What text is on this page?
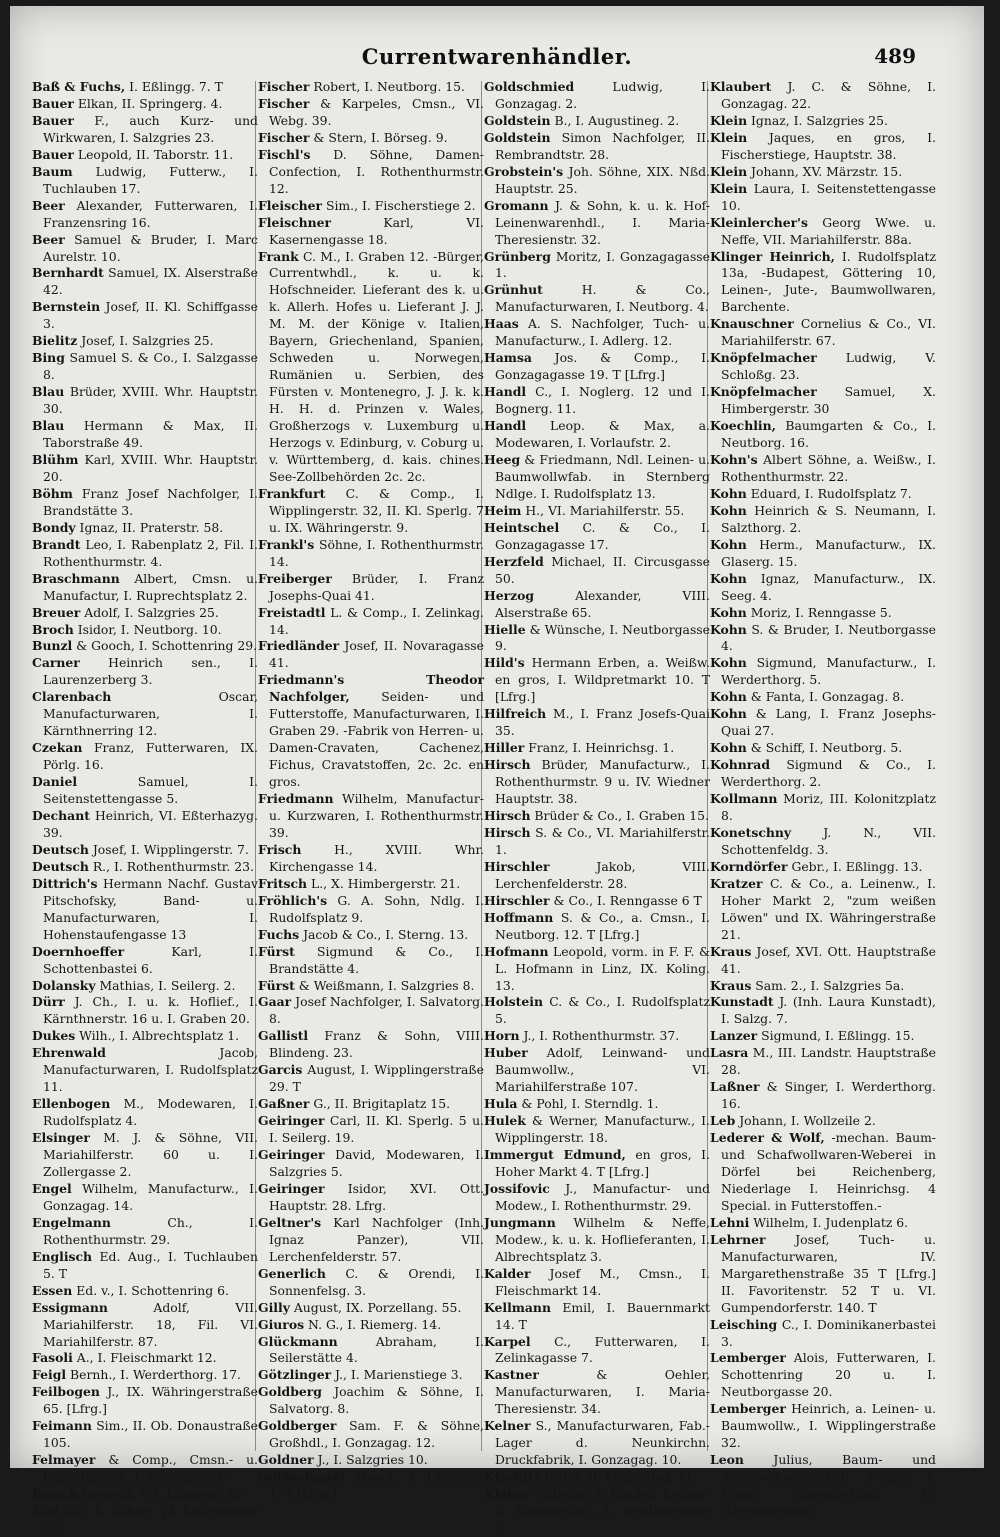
Currentwarenhändler.	489

Baß & Fuchs, I. Eßlingg. 7. T

Bauer Elkan, II. Springerg. 4.

Bauer F., auch Kurz- und Wirkwaren, I. Salzgries 23.

Bauer Leopold, II. Taborstr. 11.

Baum Ludwig, Futterw., I. Tuchlauben 17.

Beer Alexander, Futterwaren, I. Franzensring 16.

Beer Samuel & Bruder, I. Marc Aurelstr. 10.

Bernhardt Samuel, IX. Alserstraße 42.

Bernstein Josef, II. Kl. Schiffgasse 3.

Bielitz Josef, I. Salzgries 25.

Bing Samuel S. & Co., I. Salzgasse 8.

Blau Brüder, XVIII. Whr. Hauptstr. 30.

Blau Hermann & Max, II. Taborstraße 49.

Blühm Karl, XVIII. Whr. Hauptstr. 20.

Böhm Franz Josef Nachfolger, I. Brandstätte 3.

Bondy Ignaz, II. Praterstr. 58.

Brandt Leo, I. Rabenplatz 2, Fil. I. Rothenthurmstr. 4.

Braschmann Albert, Cmsn. u. Manufactur, I. Ruprechtsplatz 2.

Breuer Adolf, I. Salzgries 25.

Broch Isidor, I. Neutborg. 10.

Bunzl & Gooch, I. Schottenring 29.

Carner Heinrich sen., I. Laurenzerberg 3.

Clarenbach Oscar, Manufacturwaren, I. Kärnthnerring 12.

Czekan Franz, Futterwaren, IX. Pörlg. 16.

Daniel Samuel, I. Seitenstettengasse 5.

Dechant Heinrich, VI. Eßterhazyg. 39.

Deutsch Josef, I. Wipplingerstr. 7.

Deutsch R., I. Rothenthurmstr. 23.

Dittrich's Hermann Nachf. Gustav Pitschofsky, Band- u. Manufacturwaren, I. Hohenstaufengasse 13

Doernhoeffer Karl, I. Schottenbastei 6.

Dolansky Mathias, I. Seilerg. 2.

Dürr J. Ch., I. u. k. Hoflief., I. Kärnthnerstr. 16 u. I. Graben 20.

Dukes Wilh., I. Albrechtsplatz 1.

Ehrenwald Jacob, Manufacturwaren, I. Rudolfsplatz 11.

Ellenbogen M., Modewaren, I. Rudolfsplatz 4.

Elsinger M. J. & Söhne, VII. Mariahilferstr. 60 u. I. Zollergasse 2.

Engel Wilhelm, Manufacturw., I. Gonzagag. 14.

Engelmann Ch., I. Rothenthurmstr. 29.

Englisch Ed. Aug., I. Tuchlauben 5. T

Essen Ed. v., I. Schottenring 6.

Essigmann Adolf, VII. Mariahilferstr. 18, Fil. VI. Mariahilferstr. 87.

Fasoli A., I. Fleischmarkt 12.

Feigl Bernh., I. Werderthorg. 17.

Feilbogen J., IX. Währingerstraße 65. [Lfrg.]

Feimann Sim., II. Ob. Donaustraße 105.

Felmayer & Comp., Cmsn.- u. Importgesch., I. Börseplatz 6.

Fersch Leopold, VII. Lindeng. 29.

Fial Joh. & Söhne, VI. Liniengasse 25.

Fischer Robert, I. Neutborg. 15.

Fischer & Karpeles, Cmsn., VI. Webg. 39.

Fischer & Stern, I. Börseg. 9.

Fischl's D. Söhne, Damen-Confection, I. Rothenthurmstr. 12.

Fleischer Sim., I. Fischerstiege 2.

Fleischner Karl, VI. Kasernengasse 18.

Frank C. M., I. Graben 12. -Bürger, Currentwhdl., k. u. k. Hofschneider. Lieferant des k. u. k. Allerh. Hofes u. Lieferant J. J. M. M. der Könige v. Italien, Bayern, Griechenland, Spanien, Schweden u. Norwegen, Rumänien u. Serbien, des Fürsten v. Montenegro, J. J. k. k. H. H. d. Prinzen v. Wales, Großherzogs v. Luxemburg u. Herzogs v. Edinburg, v. Coburg u. v. Württemberg, d. kais. chines. See-Zollbehörden 2c. 2c.

Frankfurt C. & Comp., I. Wipplingerstr. 32, II. Kl. Sperlg. 7 u. IX. Währingerstr. 9.

Frankl's Söhne, I. Rothenthurmstr. 14.

Freiberger Brüder, I. Franz Josephs-Quai 41.

Freistadtl L. & Comp., I. Zelinkag. 14.

Friedländer Josef, II. Novaragasse 41.

Friedmann's Theodor Nachfolger, Seiden- und Futterstoffe, Manufacturwaren, I. Graben 29. -Fabrik von Herren- u. Damen-Cravaten, Cachenez, Fichus, Cravatstoffen, 2c. 2c. en gros.

Friedmann Wilhelm, Manufactur- u. Kurzwaren, I. Rothenthurmstr. 39.

Frisch H., XVIII. Whr. Kirchengasse 14.

Fritsch L., X. Himbergerstr. 21.

Fröhlich's G. A. Sohn, Ndlg. I. Rudolfsplatz 9.

Fuchs Jacob & Co., I. Sterng. 13.

Fürst Sigmund & Co., I. Brandstätte 4.

Fürst & Weißmann, I. Salzgries 8.

Gaar Josef Nachfolger, I. Salvatorg. 8.

Gallistl Franz & Sohn, VIII. Blindeng. 23.

Garcis August, I. Wipplingerstraße 29. T

Gaßner G., II. Brigitaplatz 15.

Geiringer Carl, II. Kl. Sperlg. 5 u. I. Seilerg. 19.

Geiringer David, Modewaren, I. Salzgries 5.

Geiringer Isidor, XVI. Ott. Hauptstr. 28. Lfrg.

Geltner's Karl Nachfolger (Inh. Ignaz Panzer), VII. Lerchenfelderstr. 57.

Generlich C. & Orendi, I. Sonnenfelsg. 3.

Gilly August, IX. Porzellang. 55.

Giuros N. G., I. Riemerg. 14.

Glückmann Abraham, I. Seilerstätte 4.

Götzlinger J., I. Marienstiege 3.

Goldberg Joachim & Söhne, I. Salvatorg. 8.

Goldberger Sam. F. & Söhne, Großhdl., I. Gonzagag. 12.

Goldner J., I. Salzgries 10.

Goldschmidt Theod., I. Lazenhof 1. T [Lfrg.]

Goldschmied Ludwig, I. Gonzagag. 2.

Goldstein B., I. Augustineg. 2.

Goldstein Simon Nachfolger, II. Rembrandtstr. 28.

Grobstein's Joh. Söhne, XIX. Nßd. Hauptstr. 25.

Gromann J. & Sohn, k. u. k. Hof-Leinenwarenhdl., I. Maria-Theresienstr. 32.

Grünberg Moritz, I. Gonzagagasse 1.

Grünhut H. & Co., Manufacturwaren, I. Neutborg. 4.

Haas A. S. Nachfolger, Tuch- u. Manufacturw., I. Adlerg. 12.

Hamsa Jos. & Comp., I. Gonzagagasse 19. T [Lfrg.]

Handl C., I. Noglerg. 12 und I. Bognerg. 11.

Handl Leop. & Max, a. Modewaren, I. Vorlaufstr. 2.

Heeg & Friedmann, Ndl. Leinen- u. Baumwollwfab. in Sternberg Ndlge. I. Rudolfsplatz 13.

Heim H., VI. Mariahilferstr. 55.

Heintschel C. & Co., I. Gonzagagasse 17.

Herzfeld Michael, II. Circusgasse 50.

Herzog Alexander, VIII. Alserstraße 65.

Hielle & Wünsche, I. Neutborgasse 9.

Hild's Hermann Erben, a. Weißw. en gros, I. Wildpretmarkt 10. T [Lfrg.]

Hilfreich M., I. Franz Josefs-Quai 35.

Hiller Franz, I. Heinrichsg. 1.

Hirsch Brüder, Manufacturw., I. Rothenthurmstr. 9 u. IV. Wiedner Hauptstr. 38.

Hirsch Brüder & Co., I. Graben 15.

Hirsch S. & Co., VI. Mariahilferstr. 1.

Hirschler Jakob, VIII. Lerchenfelderstr. 28.

Hirschler & Co., I. Renngasse 6 T

Hoffmann S. & Co., a. Cmsn., I. Neutborg. 12. T [Lfrg.]

Hofmann Leopold, vorm. in F. F. & L. Hofmann in Linz, IX. Koling. 13.

Holstein C. & Co., I. Rudolfsplatz 5.

Horn J., I. Rothenthurmstr. 37.

Huber Adolf, Leinwand- und Baumwollw., VI. Mariahilferstraße 107.

Hula & Pohl, I. Sterndlg. 1.

Hulek & Werner, Manufacturw., I. Wipplingerstr. 18.

Immergut Edmund, en gros, I. Hoher Markt 4. T [Lfrg.]

Jossifovic J., Manufactur- und Modew., I. Rothenthurmstr. 29.

Jungmann Wilhelm & Neffe, Modew., k. u. k. Hoflieferanten, I. Albrechtsplatz 3.

Kalder Josef M., Cmsn., I. Fleischmarkt 14.

Kellmann Emil, I. Bauernmarkt 14. T

Karpel C., Futterwaren, I. Zelinkagasse 7.

Kastner & Oehler, Manufacturwaren, I. Maria-Theresienstr. 34.

Kelner S., Manufacturwaren, Fab.-Lager d. Neunkirchn. Druckfabrik, I. Gonzagag. 10.

Kischitz Isidor, II. Leopoldsg. 11.

Klaber Wilhelm & Bruder, Leinen- u. Baumwollw., I. Neuthorgasse 2.

Klaubert J. C. & Söhne, I. Gonzagag. 22.

Klein Ignaz, I. Salzgries 25.

Klein Jaques, en gros, I. Fischerstiege, Hauptstr. 38.

Klein Johann, XV. Märzstr. 15.

Klein Laura, I. Seitenstettengasse 10.

Kleinlercher's Georg Wwe. u. Neffe, VII. Mariahilferstr. 88a.

Klinger Heinrich, I. Rudolfsplatz 13a, -Budapest, Göttering 10, Leinen-, Jute-, Baumwollwaren, Barchente.

Knauschner Cornelius & Co., VI. Mariahilferstr. 67.

Knöpfelmacher Ludwig, V. Schloßg. 23.

Knöpfelmacher Samuel, X. Himbergerstr. 30

Koechlin, Baumgarten & Co., I. Neutborg. 16.

Kohn's Albert Söhne, a. Weißw., I. Rothenthurmstr. 22.

Kohn Eduard, I. Rudolfsplatz 7.

Kohn Heinrich & S. Neumann, I. Salzthorg. 2.

Kohn Herm., Manufacturw., IX. Glaserg. 15.

Kohn Ignaz, Manufacturw., IX. Seeg. 4.

Kohn Moriz, I. Renngasse 5.

Kohn S. & Bruder, I. Neutborgasse 4.

Kohn Sigmund, Manufacturw., I. Werderthorg. 5.

Kohn & Fanta, I. Gonzagag. 8.

Kohn & Lang, I. Franz Josephs-Quai 27.

Kohn & Schiff, I. Neutborg. 5.

Kohnrad Sigmund & Co., I. Werderthorg. 2.

Kollmann Moriz, III. Kolonitzplatz 8.

Konetschny J. N., VII. Schottenfeldg. 3.

Korndörfer Gebr., I. Eßlingg. 13.

Kratzer C. & Co., a. Leinenw., I. Hoher Markt 2, "zum weißen Löwen" und IX. Währingerstraße 21.

Kraus Josef, XVI. Ott. Hauptstraße 41.

Kraus Sam. 2., I. Salzgries 5a.

Kunstadt J. (Inh. Laura Kunstadt), I. Salzg. 7.

Lanzer Sigmund, I. Eßlingg. 15.

Lasra M., III. Landstr. Hauptstraße 28.

Laßner & Singer, I. Werderthorg. 16.

Leb Johann, I. Wollzeile 2.

Lederer & Wolf, -mechan. Baum- und Schafwollwaren-Weberei in Dörfel bei Reichenberg, Niederlage I. Heinrichsg. 4 Special. in Futterstoffen.-

Lehni Wilhelm, I. Judenplatz 6.

Lehrner Josef, Tuch- u. Manufacturwaren, IV. Margarethenstraße 35 T [Lfrg.] II. Favoritenstr. 52 T u. VI. Gumpendorferstr. 140. T

Leisching C., I. Dominikanerbastei 3.

Lemberger Alois, Futterwaren, I. Schottenring 20 u. I. Neutborgasse 20.

Lemberger Heinrich, a. Leinen- u. Baumwollw., I. Wipplingerstraße 32.

Leon Julius, Baum- und Schafwollwaren-Fab. Ndlge., I. Franz Josephs-Quai 13 (Herminenhof).
